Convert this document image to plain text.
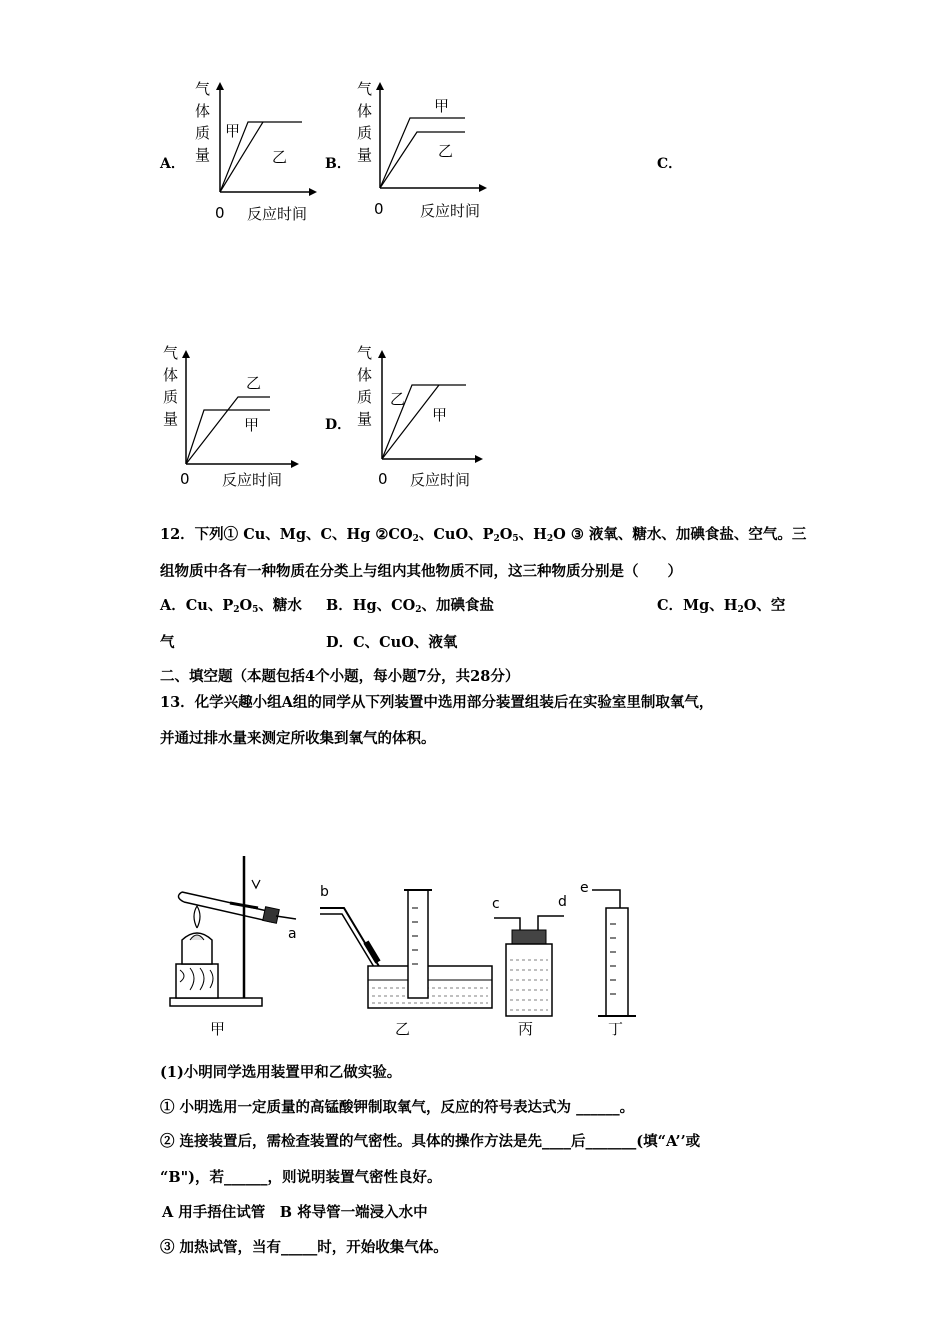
A．	B．	C．
D．
气
体
质
量
甲
乙
0 反应时间
气
体
质
量
甲
乙
0 反应时间
气
体
质
量
乙
甲
0 反应时间
气
体
质
量
乙
甲
0 反应时间
12．下列① Cu、Mg、C、Hg $②CO_2$、CuO、$P_2O_5$、$H_2O$ ③ 液氧、糖水、加碘食盐、空气。三
组物质中各有一种物质在分类上与组内其他物质不同，这三种物质分别是（　　）
A．Cu、$P_2O_5$、糖水 B．Hg、$CO_2$、加碘食盐	C．Mg、$H_2O$、空
气	D．C、CuO、液氧
二、填空题（本题包括4个小题，每小题7分，共28分）
13．化学兴趣小组A组的同学从下列装置中选用部分装置组装后在实验室里制取氧气，
并通过排水量来测定所收集到氧气的体积。
a
b
乙
c	d
丙
e
丁
甲
(1)小明同学选用装置甲和乙做实验。
① 小明选用一定质量的高锰酸钾制取氧气，反应的符号表达式为 ______。
② 连接装置后，需检查装置的气密性。具体的操作方法是先____后_______(填“A’’或
“B")，若______，则说明装置气密性良好。
A 用手捂住试管　B 将导管一端浸入水中
③ 加热试管，当有_____时，开始收集气体。
